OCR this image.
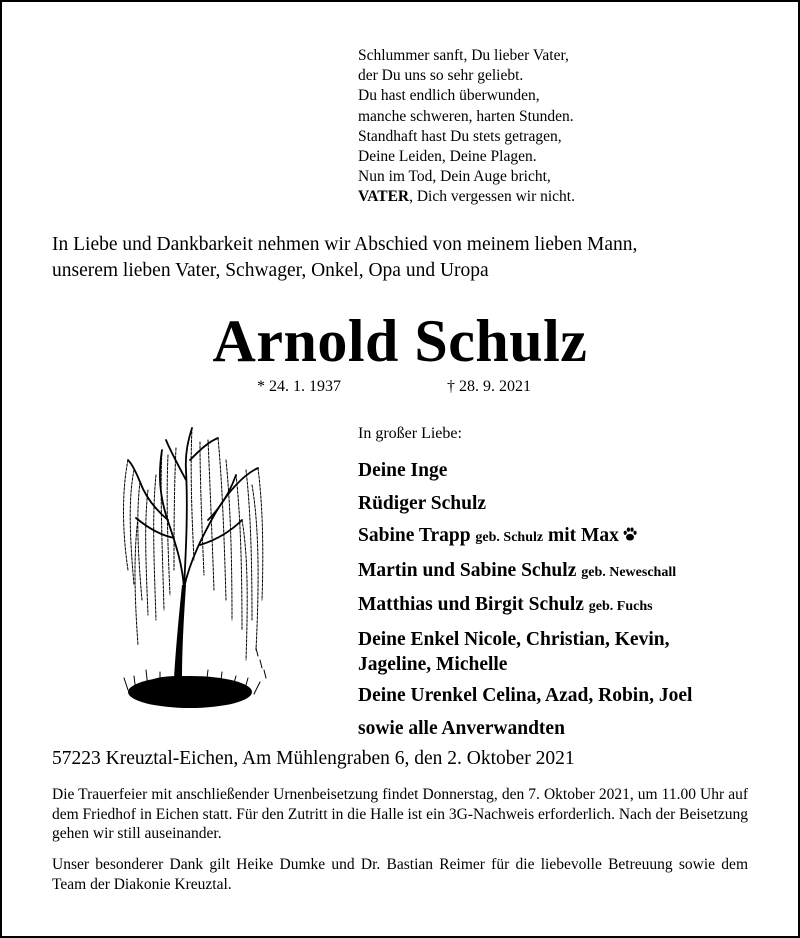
Schlummer sanft, Du lieber Vater,
der Du uns so sehr geliebt.
Du hast endlich überwunden,
manche schweren, harten Stunden.
Standhaft hast Du stets getragen,
Deine Leiden, Deine Plagen.
Nun im Tod, Dein Auge bricht,
VATER, Dich vergessen wir nicht.
In Liebe und Dankbarkeit nehmen wir Abschied von meinem lieben Mann,
unserem lieben Vater, Schwager, Onkel, Opa und Uropa
Arnold Schulz
* 24. 1. 1937	† 28. 9. 2021
In großer Liebe:
Deine Inge
Rüdiger Schulz
Sabine Trapp geb. Schulz mit Max
Martin und Sabine Schulz geb. Neweschall
Matthias und Birgit Schulz geb. Fuchs
Deine Enkel Nicole, Christian, Kevin,
Jageline, Michelle
Deine Urenkel Celina, Azad, Robin, Joel
sowie alle Anverwandten
57223 Kreuztal-Eichen, Am Mühlengraben 6, den 2. Oktober 2021
Die Trauerfeier mit anschließender Urnenbeisetzung findet Donnerstag, den 7. Oktober 2021, um 11.00 Uhr auf dem Friedhof in Eichen statt. Für den Zutritt in die Halle ist ein 3G-Nachweis erforderlich. Nach der Beisetzung gehen wir still auseinander.
Unser besonderer Dank gilt Heike Dumke und Dr. Bastian Reimer für die liebevolle Betreuung sowie dem Team der Diakonie Kreuztal.
